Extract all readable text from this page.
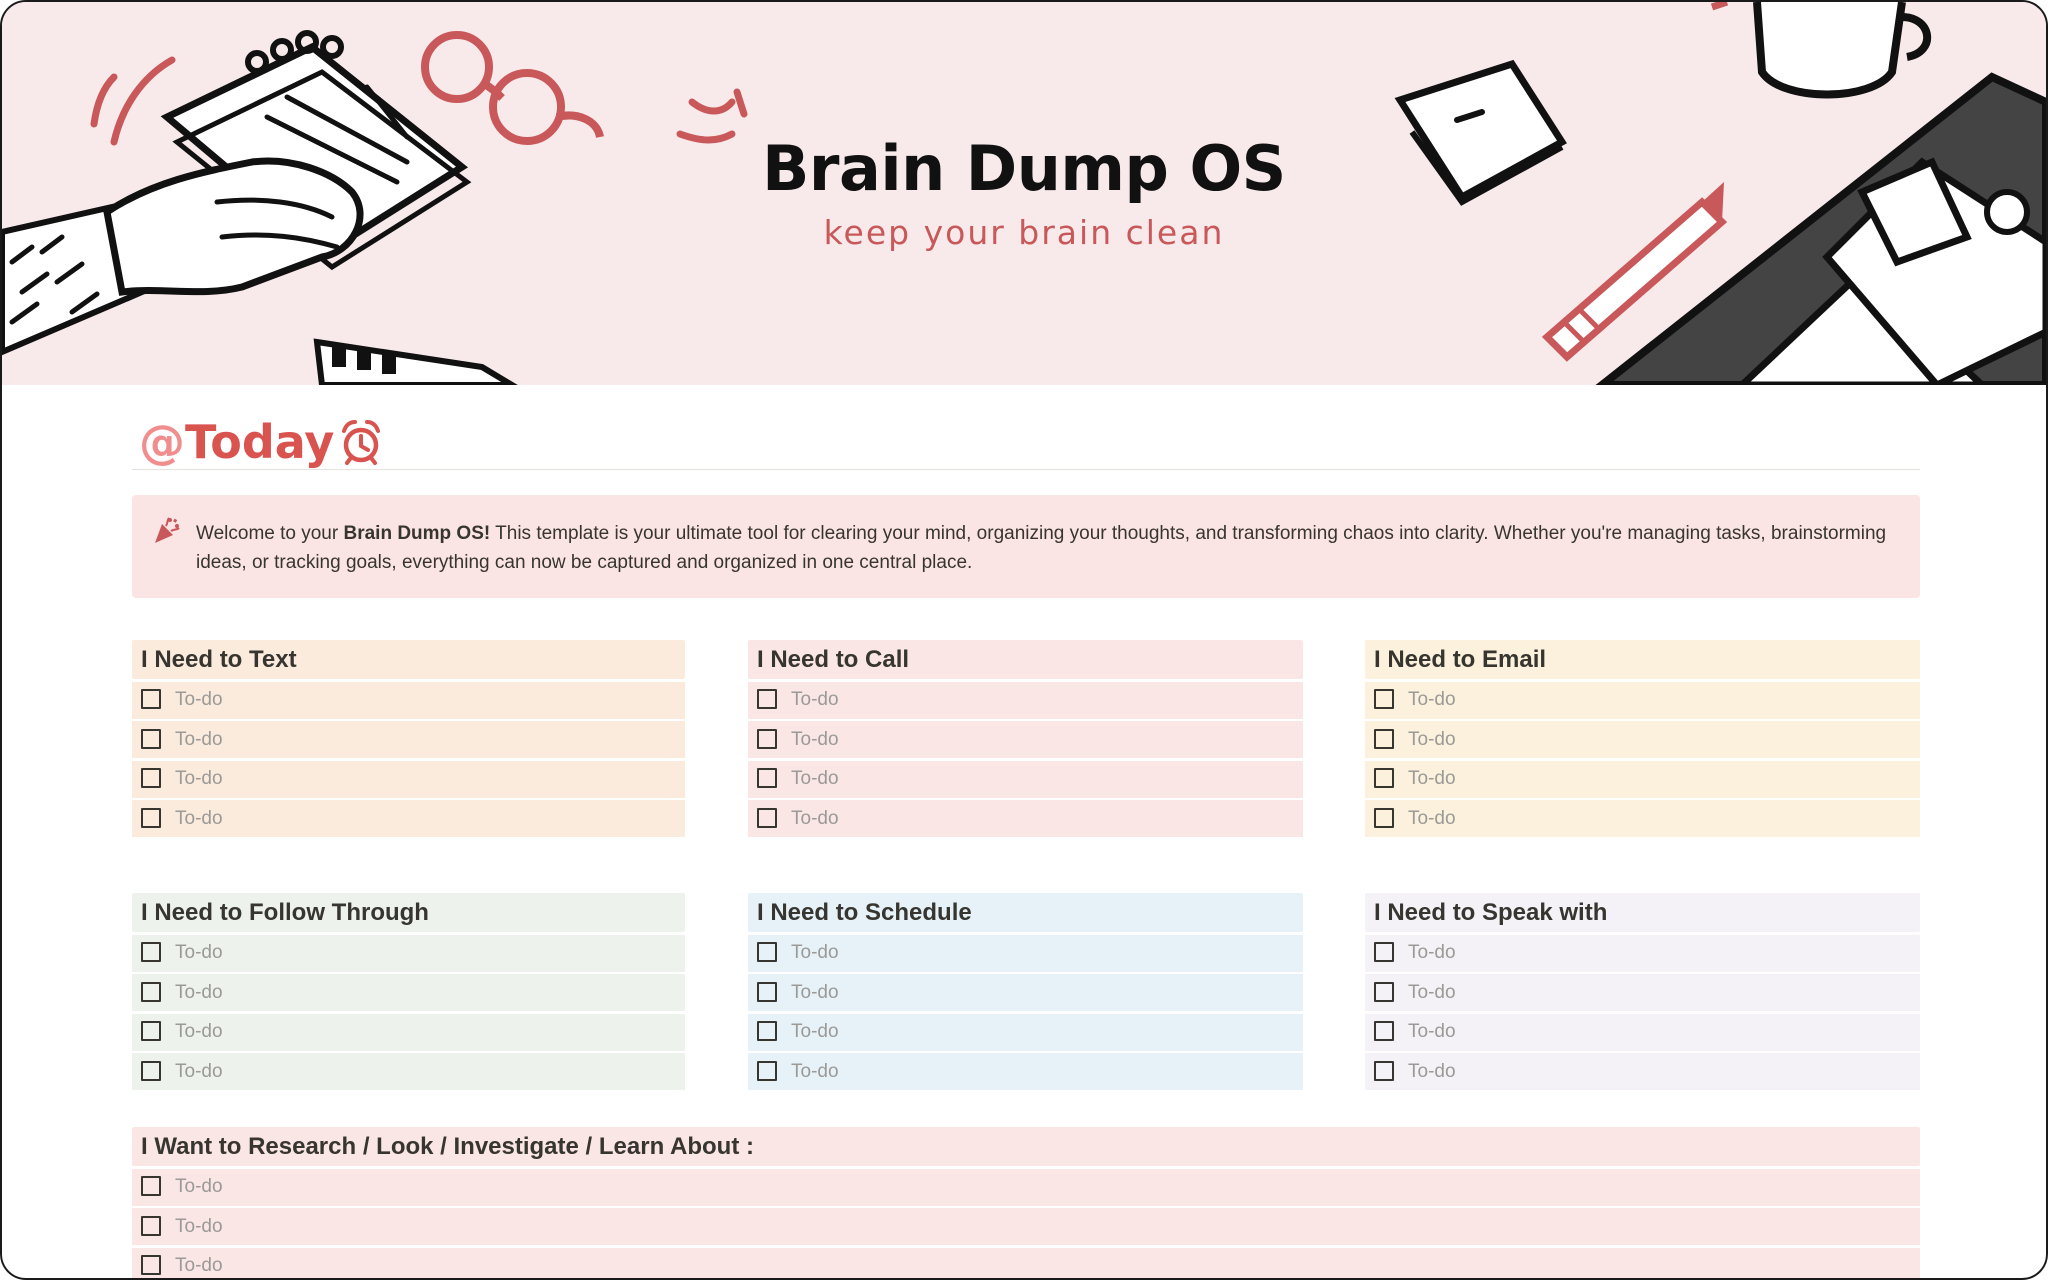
Brain Dump OS
keep your brain clean
@ Today
Welcome to your Brain Dump OS! This template is your ultimate tool for clearing your mind, organizing your thoughts, and transforming chaos into clarity. Whether you're managing tasks, brainstorming ideas, or tracking goals, everything can now be captured and organized in one central place.
I Need to Text
To-do
To-do
To-do
To-do
I Need to Call
To-do
To-do
To-do
To-do
I Need to Email
To-do
To-do
To-do
To-do
I Need to Follow Through
To-do
To-do
To-do
To-do
I Need to Schedule
To-do
To-do
To-do
To-do
I Need to Speak with
To-do
To-do
To-do
To-do
I Want to Research / Look / Investigate / Learn About :
To-do
To-do
To-do
